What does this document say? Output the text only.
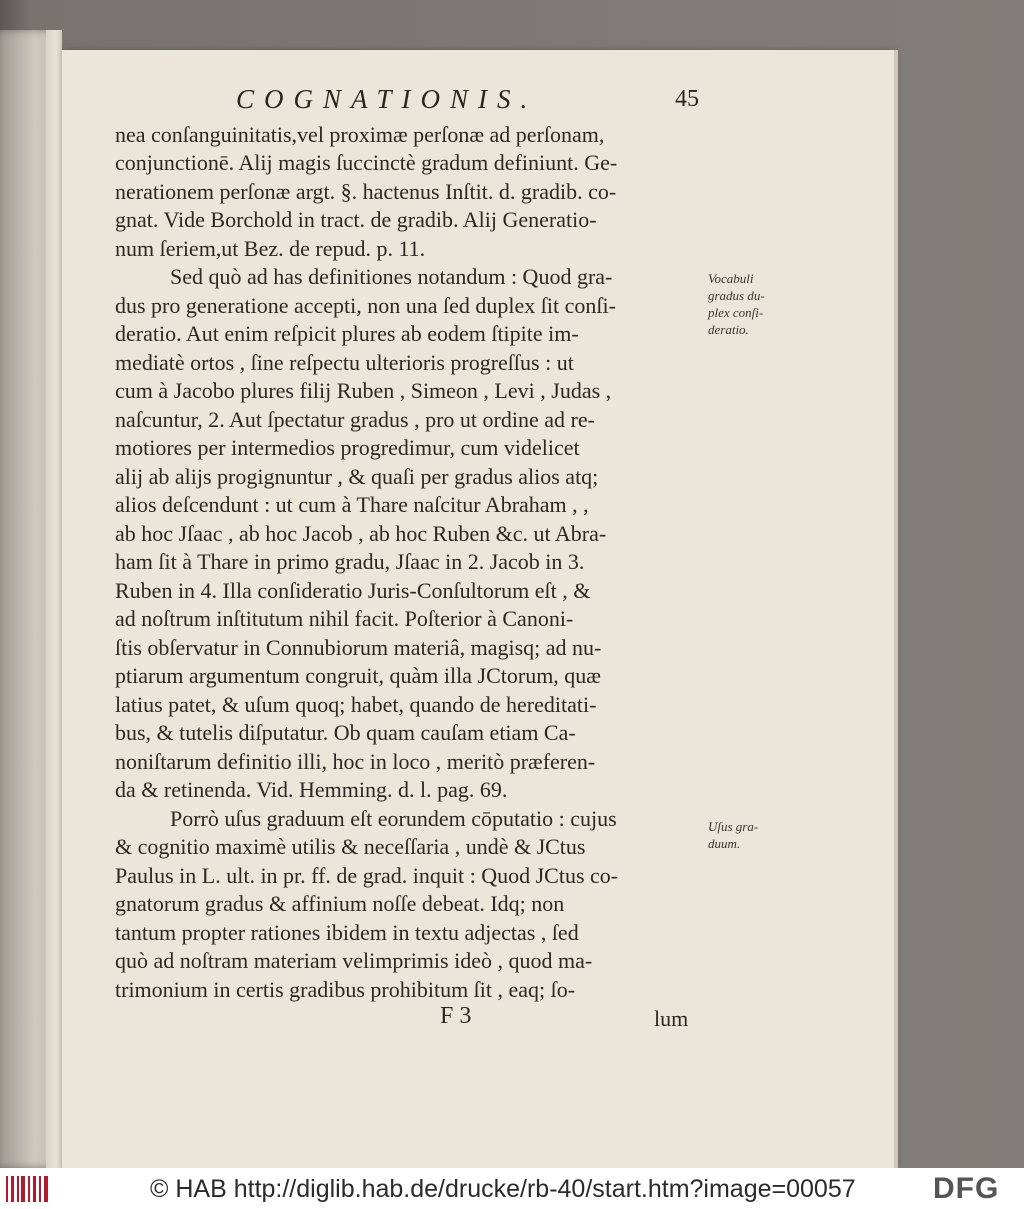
COGNATIONIS.	45
nea conſanguinitatis,vel proximæ perſonæ ad perſonam,
conjunctionē. Alij magis ſuccinctè gradum definiunt. Ge-
nerationem perſonæ argt. §. hactenus Inſtit. d. gradib. co-
gnat. Vide Borchold in tract. de gradib. Alij Generatio-
num ſeriem,ut Bez. de repud. p. 11.
Sed quò ad has definitiones notandum : Quod gra-
dus pro generatione accepti, non una ſed duplex ſit conſi-
deratio. Aut enim reſpicit plures ab eodem ſtipite im-
mediatè ortos , ſine reſpectu ulterioris progreſſus : ut
cum à Jacobo plures filij Ruben , Simeon , Levi , Judas ,
naſcuntur, 2. Aut ſpectatur gradus , pro ut ordine ad re-
motiores per intermedios progredimur, cum videlicet
alij ab alijs progignuntur , & quaſi per gradus alios atq;
alios deſcendunt : ut cum à Thare naſcitur Abraham , ,
ab hoc Jſaac , ab hoc Jacob , ab hoc Ruben &c. ut Abra-
ham ſit à Thare in primo gradu, Jſaac in 2. Jacob in 3.
Ruben in 4. Illa conſideratio Juris-Conſultorum eſt , &
ad noſtrum inſtitutum nihil facit. Poſterior à Canoni-
ſtis obſervatur in Connubiorum materiâ, magisq; ad nu-
ptiarum argumentum congruit, quàm illa JCtorum, quæ
latius patet, & uſum quoq; habet, quando de hereditati-
bus, & tutelis diſputatur. Ob quam cauſam etiam Ca-
noniſtarum definitio illi, hoc in loco , meritò præferen-
da & retinenda. Vid. Hemming. d. l. pag. 69.
Porrò uſus graduum eſt eorundem cōputatio : cujus
& cognitio maximè utilis & neceſſaria , undè & JCtus
Paulus in L. ult. in pr. ff. de grad. inquit : Quod JCtus co-
gnatorum gradus & affinium noſſe debeat. Idq; non
tantum propter rationes ibidem in textu adjectas , ſed
quò ad noſtram materiam velimprimis ideò , quod ma-
trimonium in certis gradibus prohibitum ſit , eaq; ſo-
Vocabuli
gradus du-
plex conſi-
deratio.
Uſus gra-
duum.
F 3	lum
© HAB http://diglib.hab.de/drucke/rb-40/start.htm?image=00057	DFG
